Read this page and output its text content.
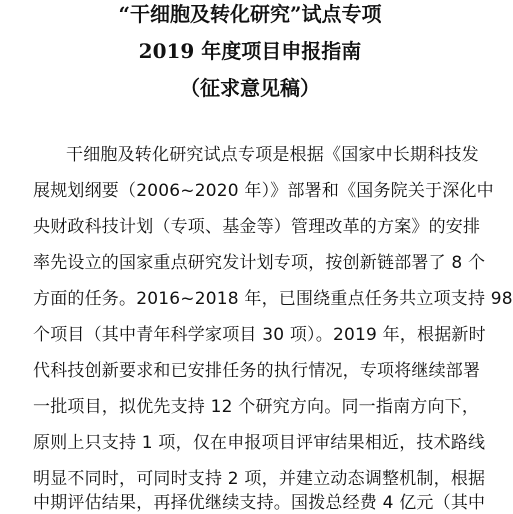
“干细胞及转化研究”试点专项
2019 年度项目申报指南
（征求意见稿）
干细胞及转化研究试点专项是根据《国家中长期科技发
展规划纲要（2006~2020 年）》部署和《国务院关于深化中
央财政科技计划（专项、基金等）管理改革的方案》的安排
率先设立的国家重点研究发计划专项，按创新链部署了 8 个
方面的任务。2016~2018 年，已围绕重点任务共立项支持 98
个项目（其中青年科学家项目 30 项）。2019 年，根据新时
代科技创新要求和已安排任务的执行情况，专项将继续部署
一批项目，拟优先支持 12 个研究方向。同一指南方向下，
原则上只支持 1 项，仅在申报项目评审结果相近，技术路线
明显不同时，可同时支持 2 项，并建立动态调整机制，根据
中期评估结果，再择优继续支持。国拨总经费 4 亿元（其中
